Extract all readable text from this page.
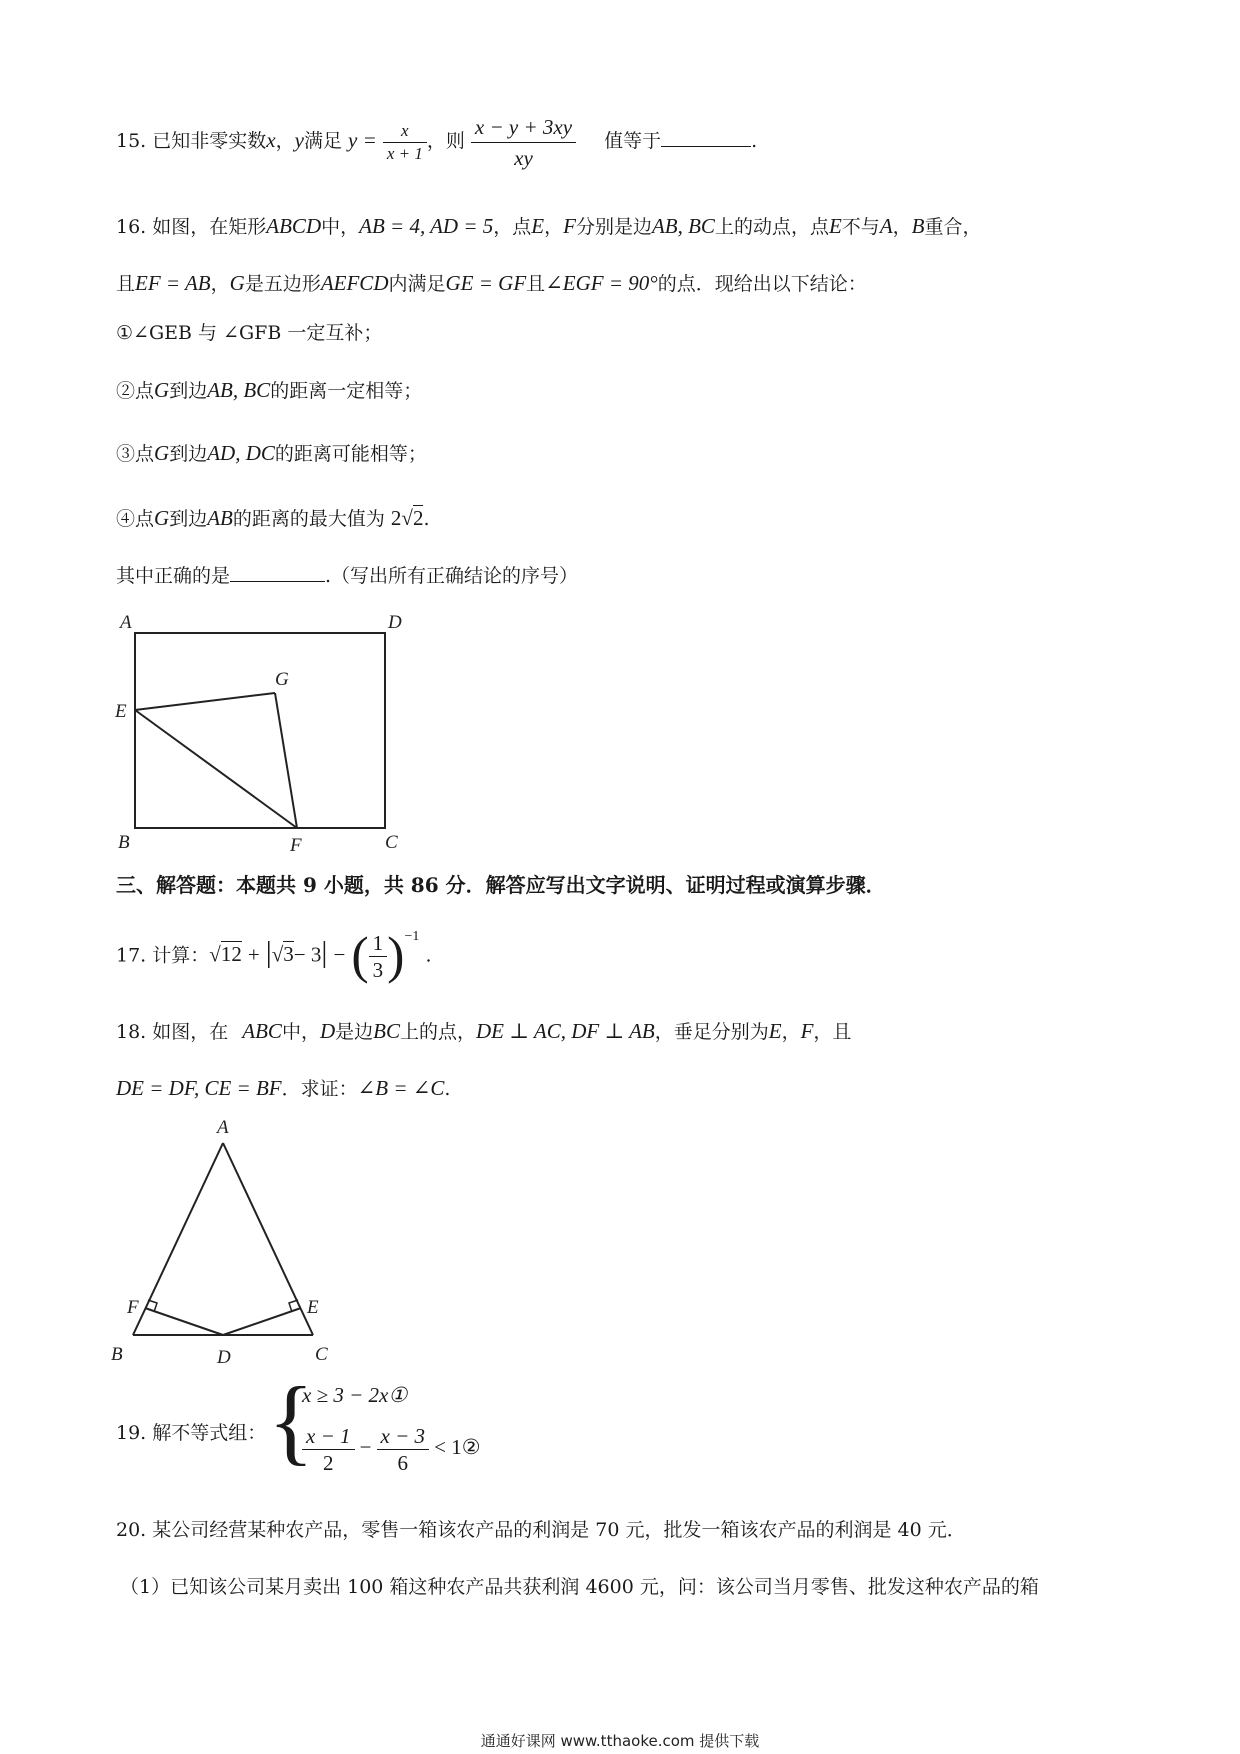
15. 已知非零实数x，y满足 $y = \frac{x}{x + 1}$ ，则 $\frac{x - y + 3xy}{xy}$ 值等于	.
16. 如图，在矩形ABCD中，AB = 4, AD = 5，点E，F分别是边AB, BC上的动点，点E不与A，B重合，
且EF = AB，G是五边形AEFCD内满足GE = GF且∠EGF = 90°的点．现给出以下结论：
①∠GEB 与 ∠GFB 一定互补；
②点G到边AB, BC的距离一定相等；
③点G到边AD, DC的距离可能相等；
④点G到边AB的距离的最大值为 2√2.
其中正确的是	.（写出所有正确结论的序号）
A	D
G
E
B	F	C
三、解答题：本题共 9 小题，共 86 分．解答应写出文字说明、证明过程或演算步骤．
17. 计算：√12 + |√3− 3| − ( $\frac{1}{3} )^{-1}$ .
18. 如图，在 ABC中，D是边BC上的点，DE ⊥ AC, DF ⊥ AB，垂足分别为E，F，且
DE = DF, CE = BF．求证：∠B = ∠C.
A
F	E
B	D	C
19. 解不等式组： {
x ≥ 3 − 2x①
$\frac{x - 1}{2} - \frac{x - 3}{6}$ < 1②
20. 某公司经营某种农产品，零售一箱该农产品的利润是 70 元，批发一箱该农产品的利润是 40 元．
（1）已知该公司某月卖出 100 箱这种农产品共获利润 4600 元，问：该公司当月零售、批发这种农产品的箱
通通好课网 www.tthaoke.com 提供下载
